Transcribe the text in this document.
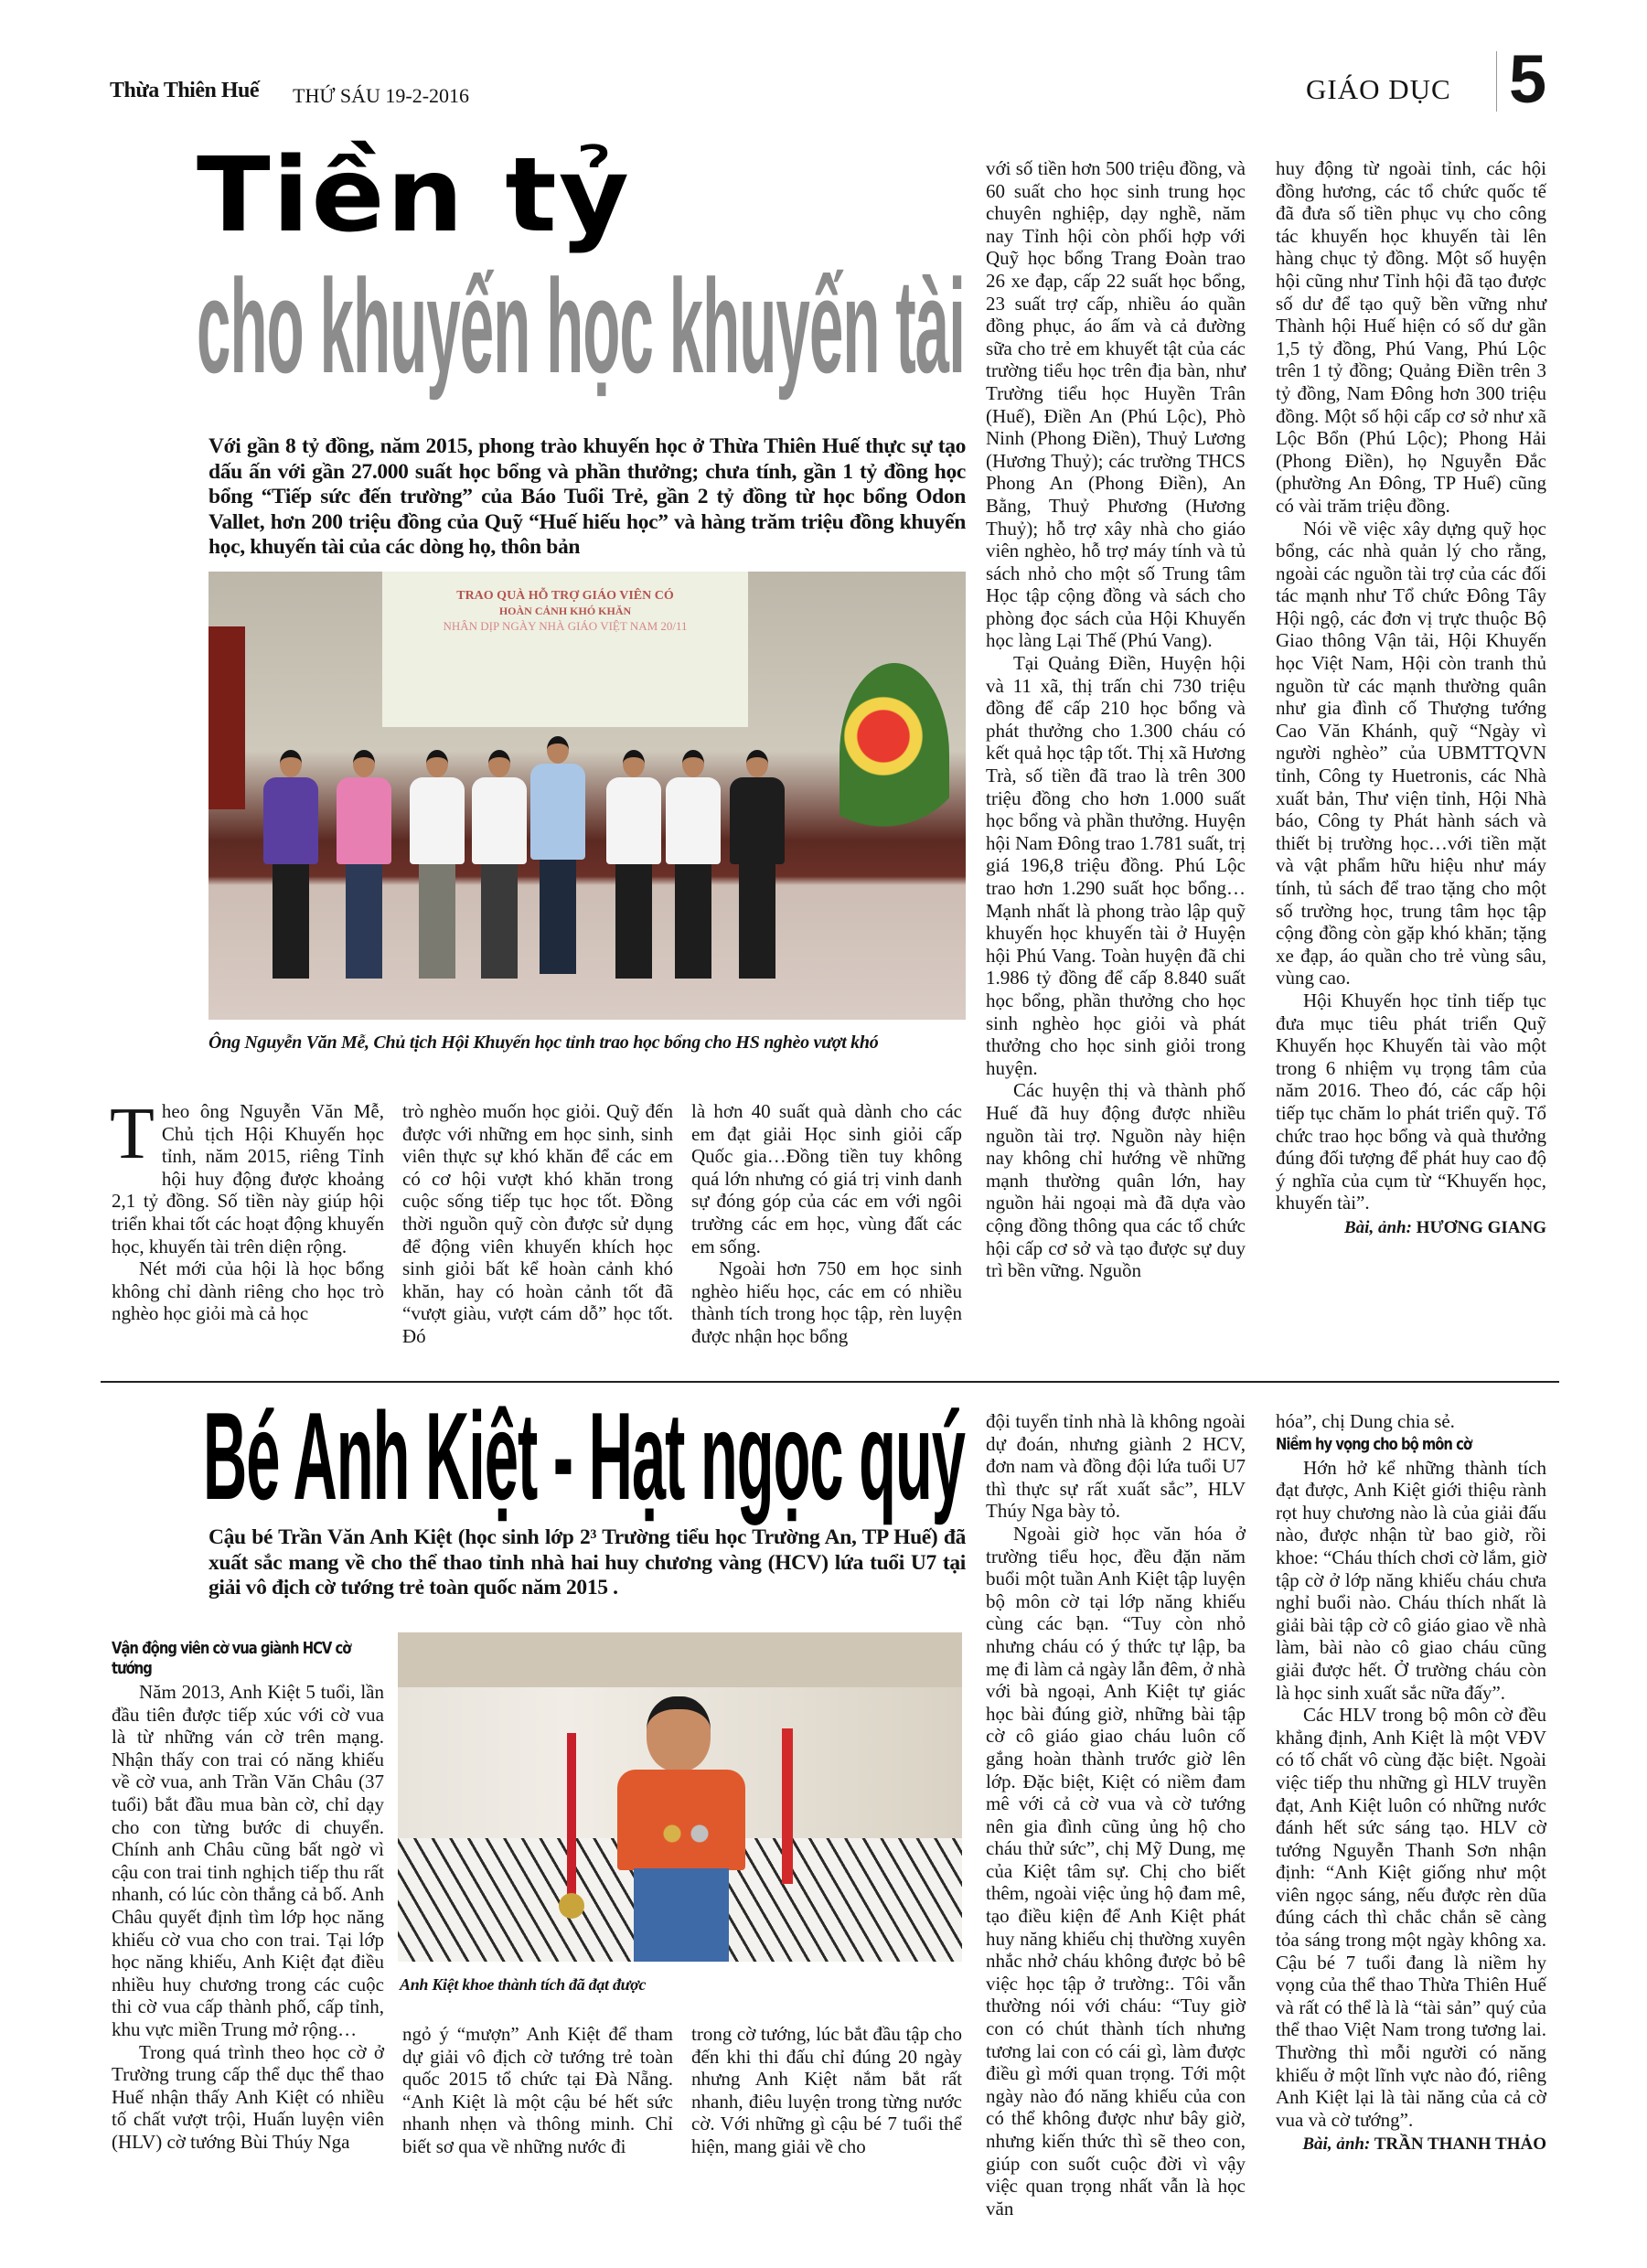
Thừa Thiên Huế THỨ SÁU 19-2-2016	GIÁO DỤC 5
Tiền tỷ
cho khuyến học khuyến tài
Với gần 8 tỷ đồng, năm 2015, phong trào khuyến học ở Thừa Thiên Huế thực sự tạo dấu ấn với gần 27.000 suất học bổng và phần thưởng; chưa tính, gần 1 tỷ đồng học bổng “Tiếp sức đến trường” của Báo Tuổi Trẻ, gần 2 tỷ đồng từ học bổng Odon Vallet, hơn 200 triệu đồng của Quỹ “Huế hiếu học” và hàng trăm triệu đồng khuyến học, khuyến tài của các dòng họ, thôn bản
TRAO QUÀ HỖ TRỢ GIÁO VIÊN CÓ
HOÀN CẢNH KHÓ KHĂN
NHÂN DỊP NGÀY NHÀ GIÁO VIỆT NAM 20/11
Ông Nguyễn Văn Mễ, Chủ tịch Hội Khuyến học tỉnh trao học bổng cho HS nghèo vượt khó

Theo ông Nguyễn Văn Mễ, Chủ tịch Hội Khuyến học tỉnh, năm 2015, riêng Tỉnh hội huy động được khoảng 2,1 tỷ đồng. Số tiền này giúp hội triển khai tốt các hoạt động khuyến học, khuyến tài trên diện rộng.

Nét mới của hội là học bổng không chỉ dành riêng cho học trò nghèo học giỏi mà cả học

trò nghèo muốn học giỏi. Quỹ đến được với những em học sinh, sinh viên thực sự khó khăn để các em có cơ hội vượt khó khăn trong cuộc sống tiếp tục học tốt. Đồng thời nguồn quỹ còn được sử dụng để động viên khuyến khích học sinh giỏi bất kể hoàn cảnh khó khăn, hay có hoàn cảnh tốt đã “vượt giàu, vượt cám dỗ” học tốt. Đó

là hơn 40 suất quà dành cho các em đạt giải Học sinh giỏi cấp Quốc gia…Đồng tiền tuy không quá lớn nhưng có giá trị vinh danh sự đóng góp của các em với ngôi trường các em học, vùng đất các em sống.

Ngoài hơn 750 em học sinh nghèo hiếu học, các em có nhiều thành tích trong học tập, rèn luyện được nhận học bổng

với số tiền hơn 500 triệu đồng, và 60 suất cho học sinh trung học chuyên nghiệp, dạy nghề, năm nay Tỉnh hội còn phối hợp với Quỹ học bổng Trang Đoàn trao 26 xe đạp, cấp 22 suất học bổng, 23 suất trợ cấp, nhiều áo quần đồng phục, áo ấm và cả đường sữa cho trẻ em khuyết tật của các trường tiểu học trên địa bàn, như Trường tiểu học Huyền Trân (Huế), Điền An (Phú Lộc), Phò Ninh (Phong Điền), Thuỷ Lương (Hương Thuỷ); các trường THCS Phong An (Phong Điền), An Bằng, Thuỷ Phương (Hương Thuỷ); hỗ trợ xây nhà cho giáo viên nghèo, hỗ trợ máy tính và tủ sách nhỏ cho một số Trung tâm Học tập cộng đồng và sách cho phòng đọc sách của Hội Khuyến học làng Lại Thế (Phú Vang).

Tại Quảng Điền, Huyện hội và 11 xã, thị trấn chi 730 triệu đồng để cấp 210 học bổng và phát thưởng cho 1.300 cháu có kết quả học tập tốt. Thị xã Hương Trà, số tiền đã trao là trên 300 triệu đồng cho hơn 1.000 suất học bổng và phần thưởng. Huyện hội Nam Đông trao 1.781 suất, trị giá 196,8 triệu đồng. Phú Lộc trao hơn 1.290 suất học bổng… Mạnh nhất là phong trào lập quỹ khuyến học khuyến tài ở Huyện hội Phú Vang. Toàn huyện đã chi 1.986 tỷ đồng để cấp 8.840 suất học bổng, phần thưởng cho học sinh nghèo học giỏi và phát thưởng cho học sinh giỏi trong huyện.

Các huyện thị và thành phố Huế đã huy động được nhiều nguồn tài trợ. Nguồn này hiện nay không chỉ hướng về những mạnh thường quân lớn, hay nguồn hải ngoại mà đã dựa vào cộng đồng thông qua các tổ chức hội cấp cơ sở và tạo được sự duy trì bền vững. Nguồn

huy động từ ngoài tỉnh, các hội đồng hương, các tổ chức quốc tế đã đưa số tiền phục vụ cho công tác khuyến học khuyến tài lên hàng chục tỷ đồng. Một số huyện hội cũng như Tỉnh hội đã tạo được số dư để tạo quỹ bền vững như Thành hội Huế hiện có số dư gần 1,5 tỷ đồng, Phú Vang, Phú Lộc trên 1 tỷ đồng; Quảng Điền trên 3 tỷ đồng, Nam Đông hơn 300 triệu đồng. Một số hội cấp cơ sở như xã Lộc Bổn (Phú Lộc); Phong Hải (Phong Điền), họ Nguyễn Đắc (phường An Đông, TP Huế) cũng có vài trăm triệu đồng.

Nói về việc xây dựng quỹ học bổng, các nhà quản lý cho rằng, ngoài các nguồn tài trợ của các đối tác mạnh như Tổ chức Đông Tây Hội ngộ, các đơn vị trực thuộc Bộ Giao thông Vận tải, Hội Khuyến học Việt Nam, Hội còn tranh thủ nguồn từ các mạnh thường quân như gia đình cố Thượng tướng Cao Văn Khánh, quỹ “Ngày vì người nghèo” của UBMTTQVN tỉnh, Công ty Huetronis, các Nhà xuất bản, Thư viện tỉnh, Hội Nhà báo, Công ty Phát hành sách và thiết bị trường học…với tiền mặt và vật phẩm hữu hiệu như máy tính, tủ sách để trao tặng cho một số trường học, trung tâm học tập cộng đồng còn gặp khó khăn; tặng xe đạp, áo quần cho trẻ vùng sâu, vùng cao.

Hội Khuyến học tỉnh tiếp tục đưa mục tiêu phát triển Quỹ Khuyến học Khuyến tài vào một trong 6 nhiệm vụ trọng tâm của năm 2016. Theo đó, các cấp hội tiếp tục chăm lo phát triển quỹ. Tổ chức trao học bổng và quà thưởng đúng đối tượng để phát huy cao độ ý nghĩa của cụm từ “Khuyến học, khuyến tài”.

Bài, ảnh: HƯƠNG GIANG
Bé Anh Kiệt - Hạt ngọc quý
Cậu bé Trần Văn Anh Kiệt (học sinh lớp 2³ Trường tiểu học Trường An, TP Huế) đã xuất sắc mang về cho thể thao tỉnh nhà hai huy chương vàng (HCV) lứa tuổi U7 tại giải vô địch cờ tướng trẻ toàn quốc năm 2015 .
Anh Kiệt khoe thành tích đã đạt được
Vận động viên cờ vua giành HCV cờ tướng

Năm 2013, Anh Kiệt 5 tuổi, lần đầu tiên được tiếp xúc với cờ vua là từ những ván cờ trên mạng. Nhận thấy con trai có năng khiếu về cờ vua, anh Trần Văn Châu (37 tuổi) bắt đầu mua bàn cờ, chỉ dạy cho con từng bước di chuyển. Chính anh Châu cũng bất ngờ vì cậu con trai tinh nghịch tiếp thu rất nhanh, có lúc còn thắng cả bố. Anh Châu quyết định tìm lớp học năng khiếu cờ vua cho con trai. Tại lớp học năng khiếu, Anh Kiệt đạt điều nhiều huy chương trong các cuộc thi cờ vua cấp thành phố, cấp tỉnh, khu vực miền Trung mở rộng…

Trong quá trình theo học cờ ở Trường trung cấp thể dục thể thao Huế nhận thấy Anh Kiệt có nhiều tố chất vượt trội, Huấn luyện viên (HLV) cờ tướng Bùi Thúy Nga

ngỏ ý “mượn” Anh Kiệt để tham dự giải vô địch cờ tướng trẻ toàn quốc 2015 tổ chức tại Đà Nẵng. “Anh Kiệt là một cậu bé hết sức nhanh nhẹn và thông minh. Chỉ biết sơ qua về những nước đi

trong cờ tướng, lúc bắt đầu tập cho đến khi thi đấu chỉ đúng 20 ngày nhưng Anh Kiệt nắm bắt rất nhanh, điêu luyện trong từng nước cờ. Với những gì cậu bé 7 tuổi thể hiện, mang giải về cho

đội tuyển tỉnh nhà là không ngoài dự đoán, nhưng giành 2 HCV, đơn nam và đồng đội lứa tuổi U7 thì thực sự rất xuất sắc”, HLV Thúy Nga bày tỏ.

Ngoài giờ học văn hóa ở trường tiểu học, đều đặn năm buổi một tuần Anh Kiệt tập luyện bộ môn cờ tại lớp năng khiếu cùng các bạn. “Tuy còn nhỏ nhưng cháu có ý thức tự lập, ba mẹ đi làm cả ngày lẫn đêm, ở nhà với bà ngoại, Anh Kiệt tự giác học bài đúng giờ, những bài tập cờ cô giáo giao cháu luôn cố gắng hoàn thành trước giờ lên lớp. Đặc biệt, Kiệt có niềm đam mê với cả cờ vua và cờ tướng nên gia đình cũng ủng hộ cho cháu thử sức”, chị Mỹ Dung, mẹ của Kiệt tâm sự. Chị cho biết thêm, ngoài việc ủng hộ đam mê, tạo điều kiện để Anh Kiệt phát huy năng khiếu chị thường xuyên nhắc nhở cháu không được bỏ bê việc học tập ở trường:. Tôi vẫn thường nói với cháu: “Tuy giờ con có chút thành tích nhưng tương lai con có cái gì, làm được điều gì mới quan trọng. Tới một ngày nào đó năng khiếu của con có thể không được như bây giờ, nhưng kiến thức thì sẽ theo con, giúp con suốt cuộc đời vì vậy việc quan trọng nhất vẫn là học văn

hóa”, chị Dung chia sẻ.

Niềm hy vọng cho bộ môn cờ

Hớn hở kể những thành tích đạt được, Anh Kiệt giới thiệu rành rọt huy chương nào là của giải đấu nào, được nhận từ bao giờ, rồi khoe: “Cháu thích chơi cờ lắm, giờ tập cờ ở lớp năng khiếu cháu chưa nghỉ buổi nào. Cháu thích nhất là giải bài tập cờ cô giáo giao về nhà làm, bài nào cô giao cháu cũng giải được hết. Ở trường cháu còn là học sinh xuất sắc nữa đấy”.

Các HLV trong bộ môn cờ đều khẳng định, Anh Kiệt là một VĐV có tố chất vô cùng đặc biệt. Ngoài việc tiếp thu những gì HLV truyền đạt, Anh Kiệt luôn có những nước đánh hết sức sáng tạo. HLV cờ tướng Nguyễn Thanh Sơn nhận định: “Anh Kiệt giống như một viên ngọc sáng, nếu được rèn dũa đúng cách thì chắc chắn sẽ càng tỏa sáng trong một ngày không xa. Cậu bé 7 tuổi đang là niềm hy vọng của thể thao Thừa Thiên Huế và rất có thể là là “tài sản” quý của thể thao Việt Nam trong tương lai. Thường thì mỗi người có năng khiếu ở một lĩnh vực nào đó, riêng Anh Kiệt lại là tài năng của cả cờ vua và cờ tướng”.

Bài, ảnh: TRẦN THANH THẢO
